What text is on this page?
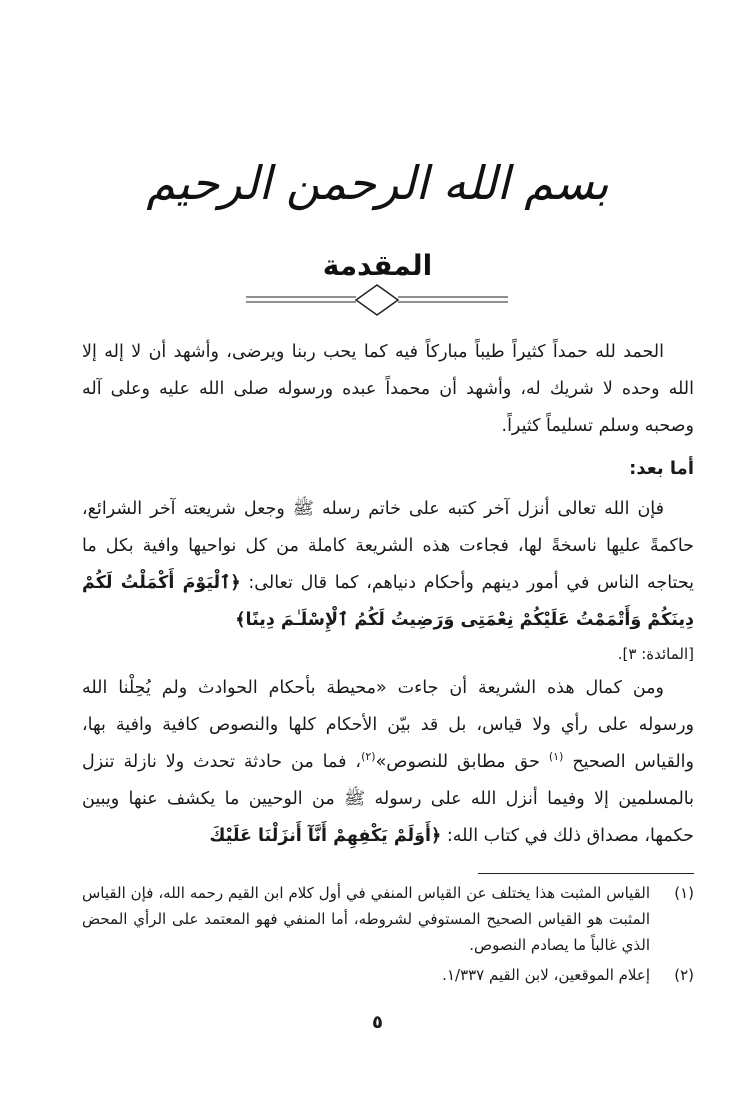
بسم الله الرحمن الرحيم
المقدمة

الحمد لله حمداً كثيراً طيباً مباركاً فيه كما يحب ربنا ويرضى، وأشهد أن لا إله إلا الله وحده لا شريك له، وأشهد أن محمداً عبده ورسوله صلى الله عليه وعلى آله وصحبه وسلم تسليماً كثيراً.

أما بعد:

فإن الله تعالى أنزل آخر كتبه على خاتم رسله ﷺ وجعل شريعته آخر الشرائع، حاكمةً عليها ناسخةً لها، فجاءت هذه الشريعة كاملة من كل نواحيها وافية بكل ما يحتاجه الناس في أمور دينهم وأحكام دنياهم، كما قال تعالى: ﴿ٱلْيَوْمَ أَكْمَلْتُ لَكُمْ دِينَكُمْ وَأَتْمَمْتُ عَلَيْكُمْ نِعْمَتِى وَرَضِيتُ لَكُمُ ٱلْإِسْلَـٰمَ دِينًا﴾

[المائدة: ٣].

ومن كمال هذه الشريعة أن جاءت «محيطة بأحكام الحوادث ولم يُحِلْنا الله ورسوله على رأي ولا قياس، بل قد بيّن الأحكام كلها والنصوص كافية وافية بها، والقياس الصحيح $^{(١)}$ حق مطابق للنصوص»$^{(٢)}$، فما من حادثة تحدث ولا نازلة تنزل بالمسلمين إلا وفيما أنزل الله على رسوله ﷺ من الوحيين ما يكشف عنها ويبين حكمها، مصداق ذلك في كتاب الله: ﴿أَوَلَمْ يَكْفِهِمْ أَنَّآ أَنزَلْنَا عَلَيْكَ

(١)
القياس المثبت هذا يختلف عن القياس المنفي في أول كلام ابن القيم رحمه الله، فإن القياس المثبت هو القياس الصحيح المستوفي لشروطه، أما المنفي فهو المعتمد على الرأي المحض الذي غالباً ما يصادم النصوص.
(٢)
إعلام الموقعين، لابن القيم ١/٣٣٧.
٥
